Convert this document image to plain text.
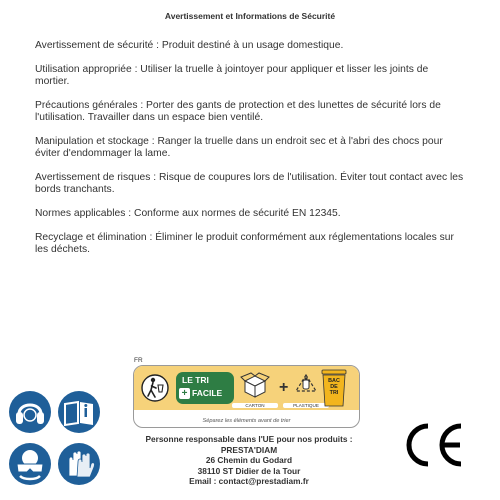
Avertissement et Informations de Sécurité

Avertissement de sécurité : Produit destiné à un usage domestique.

Utilisation appropriée : Utiliser la truelle à jointoyer pour appliquer et lisser les joints de mortier.

Précautions générales : Porter des gants de protection et des lunettes de sécurité lors de l'utilisation. Travailler dans un espace bien ventilé.

Manipulation et stockage : Ranger la truelle dans un endroit sec et à l'abri des chocs pour éviter d'endommager la lame.

Avertissement de risques : Risque de coupures lors de l'utilisation. Éviter tout contact avec les bords tranchants.

Normes applicables : Conforme aux normes de sécurité EN 12345.

Recyclage et élimination : Éliminer le produit conformément aux réglementations locales sur les déchets.

FR
LE TRI
+ FACILE
CARTON
+
PLASTIQUE
BAC
DE
TRI
Séparez les éléments avant de trier
Personne responsable dans l'UE pour nos produits :
PRESTA'DIAM
26 Chemin du Godard
38110 ST Didier de la Tour
Email : contact@prestadiam.fr
